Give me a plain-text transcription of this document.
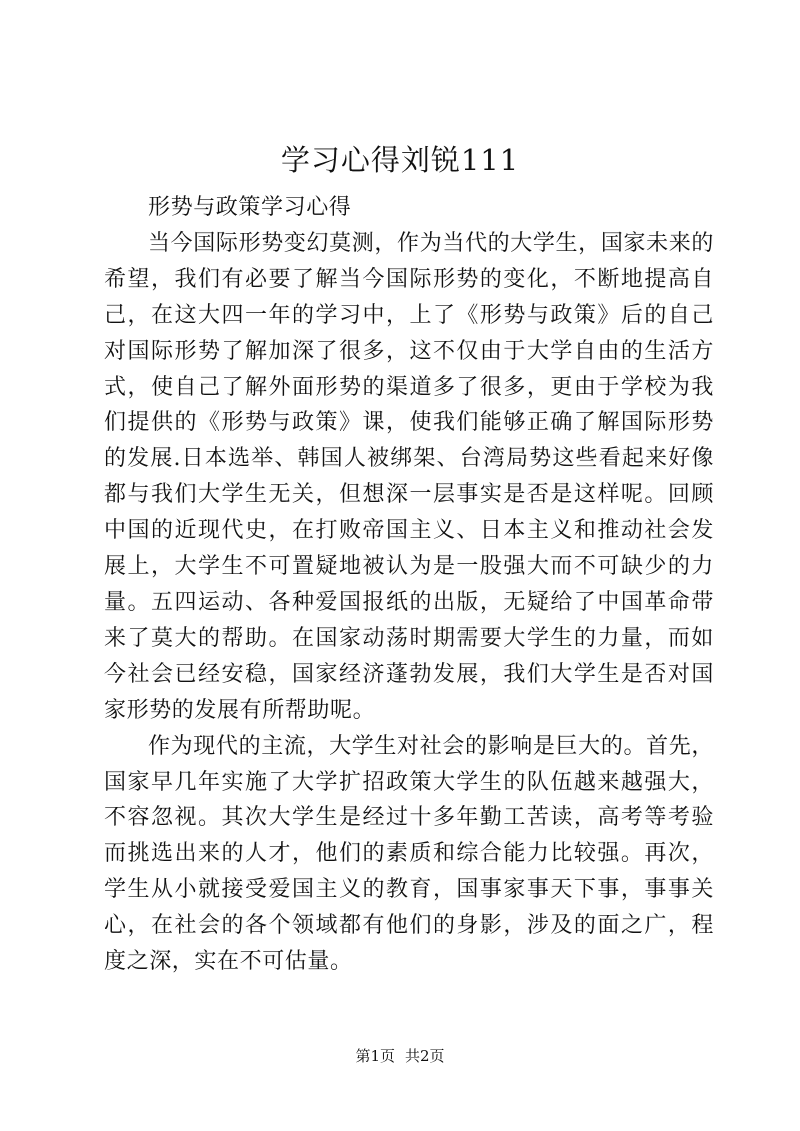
学习心得刘锐111

形势与政策学习心得

当今国际形势变幻莫测，作为当代的大学生，国家未来的希望，我们有必要了解当今国际形势的变化，不断地提高自己，在这大四一年的学习中，上了《形势与政策》后的自己对国际形势了解加深了很多，这不仅由于大学自由的生活方式，使自己了解外面形势的渠道多了很多，更由于学校为我们提供的《形势与政策》课，使我们能够正确了解国际形势的发展.日本选举、韩国人被绑架、台湾局势这些看起来好像都与我们大学生无关，但想深一层事实是否是这样呢。回顾中国的近现代史，在打败帝国主义、日本主义和推动社会发展上，大学生不可置疑地被认为是一股强大而不可缺少的力量。五四运动、各种爱国报纸的出版，无疑给了中国革命带来了莫大的帮助。在国家动荡时期需要大学生的力量，而如今社会已经安稳，国家经济蓬勃发展，我们大学生是否对国家形势的发展有所帮助呢。

作为现代的主流，大学生对社会的影响是巨大的。首先，国家早几年实施了大学扩招政策大学生的队伍越来越强大，不容忽视。其次大学生是经过十多年勤工苦读，高考等考验而挑选出来的人才，他们的素质和综合能力比较强。再次，学生从小就接受爱国主义的教育，国事家事天下事，事事关心，在社会的各个领域都有他们的身影，涉及的面之广，程度之深，实在不可估量。

第1页 共2页
